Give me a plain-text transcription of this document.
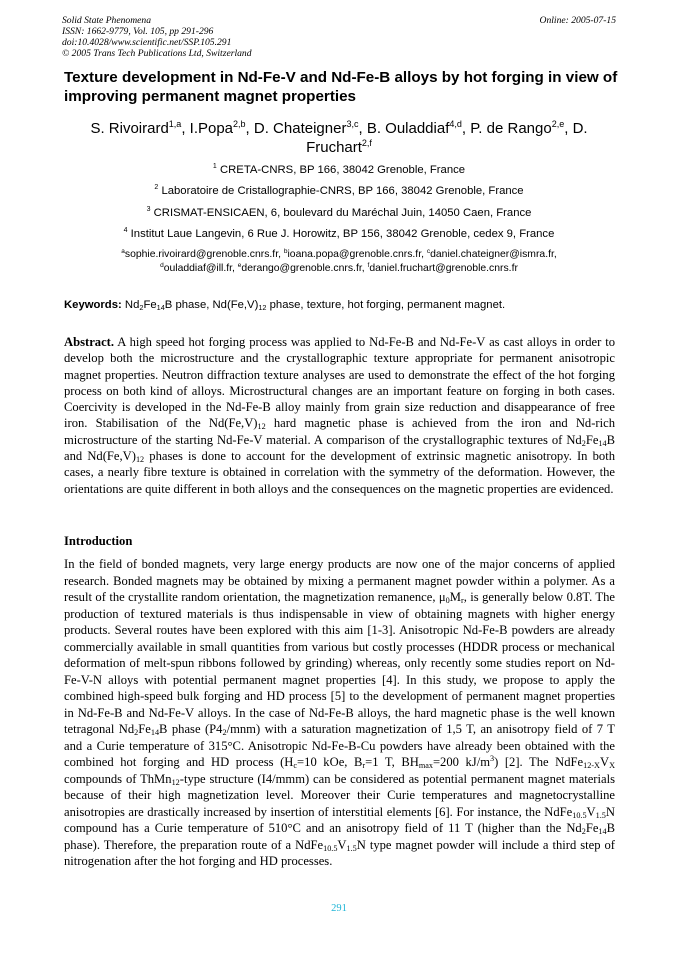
Solid State Phenomena
ISSN: 1662-9779, Vol. 105, pp 291-296
doi:10.4028/www.scientific.net/SSP.105.291
© 2005 Trans Tech Publications Ltd, Switzerland
Online: 2005-07-15
Texture development in Nd-Fe-V and Nd-Fe-B alloys by hot forging in view of improving permanent magnet properties
S. Rivoirard$^{1,a}$, I.Popa$^{2,b}$, D. Chateigner$^{3,c}$, B. Ouladdiaf$^{4,d}$, P. de Rango$^{2,e}$, D. Fruchart$^{2,f}$
$^1$ CRETA-CNRS, BP 166, 38042 Grenoble, France
$^2$ Laboratoire de Cristallographie-CNRS, BP 166, 38042 Grenoble, France
$^3$ CRISMAT-ENSICAEN, 6, boulevard du Maréchal Juin, 14050 Caen, France
$^4$ Institut Laue Langevin, 6 Rue J. Horowitz, BP 156, 38042 Grenoble, cedex 9, France
$^a$sophie.rivoirard@grenoble.cnrs.fr, $^b$ioana.popa@grenoble.cnrs.fr, $^c$daniel.chateigner@ismra.fr,
$^d$ouladdiaf@ill.fr, $^e$derango@grenoble.cnrs.fr, $^f$daniel.fruchart@grenoble.cnrs.fr
Keywords: $Nd_2Fe_{14}B$ phase, $Nd(Fe,V)_{12}$ phase, texture, hot forging, permanent magnet.
Abstract. A high speed hot forging process was applied to Nd-Fe-B and Nd-Fe-V as cast alloys in order to develop both the microstructure and the crystallographic texture appropriate for permanent anisotropic magnet properties. Neutron diffraction texture analyses are used to demonstrate the effect of the hot forging process on both kind of alloys. Microstructural changes are an important feature on forging in both cases. Coercivity is developed in the Nd-Fe-B alloy mainly from grain size reduction and disappearance of free iron. Stabilisation of the $Nd(Fe,V)_{12}$ hard magnetic phase is achieved from the iron and Nd-rich microstructure of the starting Nd-Fe-V material. A comparison of the crystallographic textures of $Nd_2Fe_{14}B$ and $Nd(Fe,V)_{12}$ phases is done to account for the development of extrinsic magnetic anisotropy. In both cases, a nearly fibre texture is obtained in correlation with the symmetry of the deformation. However, the orientations are quite different in both alloys and the consequences on the magnetic properties are evidenced.
Introduction
In the field of bonded magnets, very large energy products are now one of the major concerns of applied research. Bonded magnets may be obtained by mixing a permanent magnet powder within a polymer. As a result of the crystallite random orientation, the magnetization remanence, $\mu_0M_r$, is generally below 0.8T. The production of textured materials is thus indispensable in view of obtaining magnets with higher energy products. Several routes have been explored with this aim [1-3]. Anisotropic Nd-Fe-B powders are already commercially available in small quantities from various but costly processes (HDDR process or mechanical deformation of melt-spun ribbons followed by grinding) whereas, only recently some studies report on Nd-Fe-V-N alloys with potential permanent magnet properties [4]. In this study, we propose to apply the combined high-speed bulk forging and HD process [5] to the development of permanent magnet properties in Nd-Fe-B and Nd-Fe-V alloys. In the case of Nd-Fe-B alloys, the hard magnetic phase is the well known tetragonal $Nd_2Fe_{14}B$ phase $(P4_2/mnm)$ with a saturation magnetization of 1,5 T, an anisotropy field of 7 T and a Curie temperature of 315°C. Anisotropic Nd-Fe-B-Cu powders have already been obtained with the combined hot forging and HD process ($H_c=10$ kOe, $B_r=1$ T, $BH_{max}=200$ $kJ/m^3$) [2]. The $NdFe_{12-X}V_X$ compounds of ThMn$_{12}$-type structure (I4/mmm) can be considered as potential permanent magnet materials because of their high magnetization level. Moreover their Curie temperatures and magnetocrystalline anisotropies are drastically increased by insertion of interstitial elements [6]. For instance, the $NdFe_{10.5}V_{1.5}N$ compound has a Curie temperature of 510°C and an anisotropy field of 11 T (higher than the $Nd_2Fe_{14}B$ phase). Therefore, the preparation route of a $NdFe_{10.5}V_{1.5}N$ type magnet powder will include a third step of nitrogenation after the hot forging and HD processes.
291
